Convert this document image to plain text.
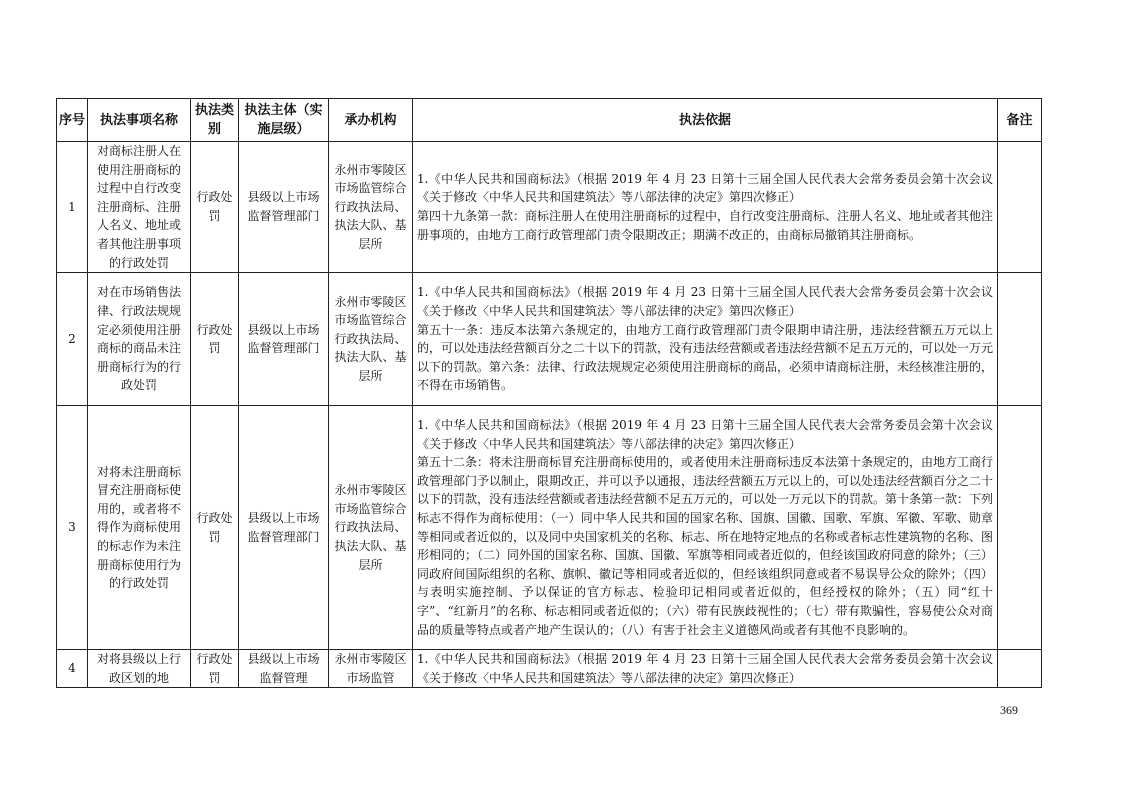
序号	执法事项名称	执法类别	执法主体（实施层级）	承办机构	执法依据	备注
1	对商标注册人在使用注册商标的过程中自行改变注册商标、注册人名义、地址或者其他注册事项的行政处罚	行政处罚	县级以上市场监督管理部门	永州市零陵区市场监管综合行政执法局、执法大队、基层所	1.《中华人民共和国商标法》（根据 2019 年 4 月 23 日第十三届全国人民代表大会常务委员会第十次会议《关于修改〈中华人民共和国建筑法〉等八部法律的决定》第四次修正）
第四十九条第一款：商标注册人在使用注册商标的过程中，自行改变注册商标、注册人名义、地址或者其他注册事项的，由地方工商行政管理部门责令限期改正；期满不改正的，由商标局撤销其注册商标。	

2	对在市场销售法律、行政法规规定必须使用注册商标的商品未注册商标行为的行政处罚	行政处罚	县级以上市场监督管理部门	永州市零陵区市场监管综合行政执法局、执法大队、基层所	1.《中华人民共和国商标法》（根据 2019 年 4 月 23 日第十三届全国人民代表大会常务委员会第十次会议《关于修改〈中华人民共和国建筑法〉等八部法律的决定》第四次修正）
第五十一条：违反本法第六条规定的，由地方工商行政管理部门责令限期申请注册，违法经营额五万元以上的，可以处违法经营额百分之二十以下的罚款，没有违法经营额或者违法经营额不足五万元的，可以处一万元以下的罚款。第六条：法律、行政法规规定必须使用注册商标的商品，必须申请商标注册，未经核准注册的，不得在市场销售。	

3	对将未注册商标冒充注册商标使用的，或者将不得作为商标使用的标志作为未注册商标使用行为的行政处罚	行政处罚	县级以上市场监督管理部门	永州市零陵区市场监管综合行政执法局、执法大队、基层所	1.《中华人民共和国商标法》（根据 2019 年 4 月 23 日第十三届全国人民代表大会常务委员会第十次会议《关于修改〈中华人民共和国建筑法〉等八部法律的决定》第四次修正）
第五十二条：将未注册商标冒充注册商标使用的，或者使用未注册商标违反本法第十条规定的，由地方工商行政管理部门予以制止，限期改正，并可以予以通报，违法经营额五万元以上的，可以处违法经营额百分之二十以下的罚款，没有违法经营额或者违法经营额不足五万元的，可以处一万元以下的罚款。第十条第一款：下列标志不得作为商标使用：（一）同中华人民共和国的国家名称、国旗、国徽、国歌、军旗、军徽、军歌、勋章等相同或者近似的，以及同中央国家机关的名称、标志、所在地特定地点的名称或者标志性建筑物的名称、图形相同的；（二）同外国的国家名称、国旗、国徽、军旗等相同或者近似的，但经该国政府同意的除外；（三）同政府间国际组织的名称、旗帜、徽记等相同或者近似的，但经该组织同意或者不易误导公众的除外；（四）与表明实施控制、予以保证的官方标志、检验印记相同或者近似的，但经授权的除外；（五）同“红十字”、“红新月”的名称、标志相同或者近似的；（六）带有民族歧视性的；（七）带有欺骗性，容易使公众对商品的质量等特点或者产地产生误认的；（八）有害于社会主义道德风尚或者有其他不良影响的。	

4	对将县级以上行政区划的地	行政处罚	县级以上市场监督管理	永州市零陵区市场监管	1.《中华人民共和国商标法》（根据 2019 年 4 月 23 日第十三届全国人民代表大会常务委员会第十次会议《关于修改〈中华人民共和国建筑法〉等八部法律的决定》第四次修正）	

369
